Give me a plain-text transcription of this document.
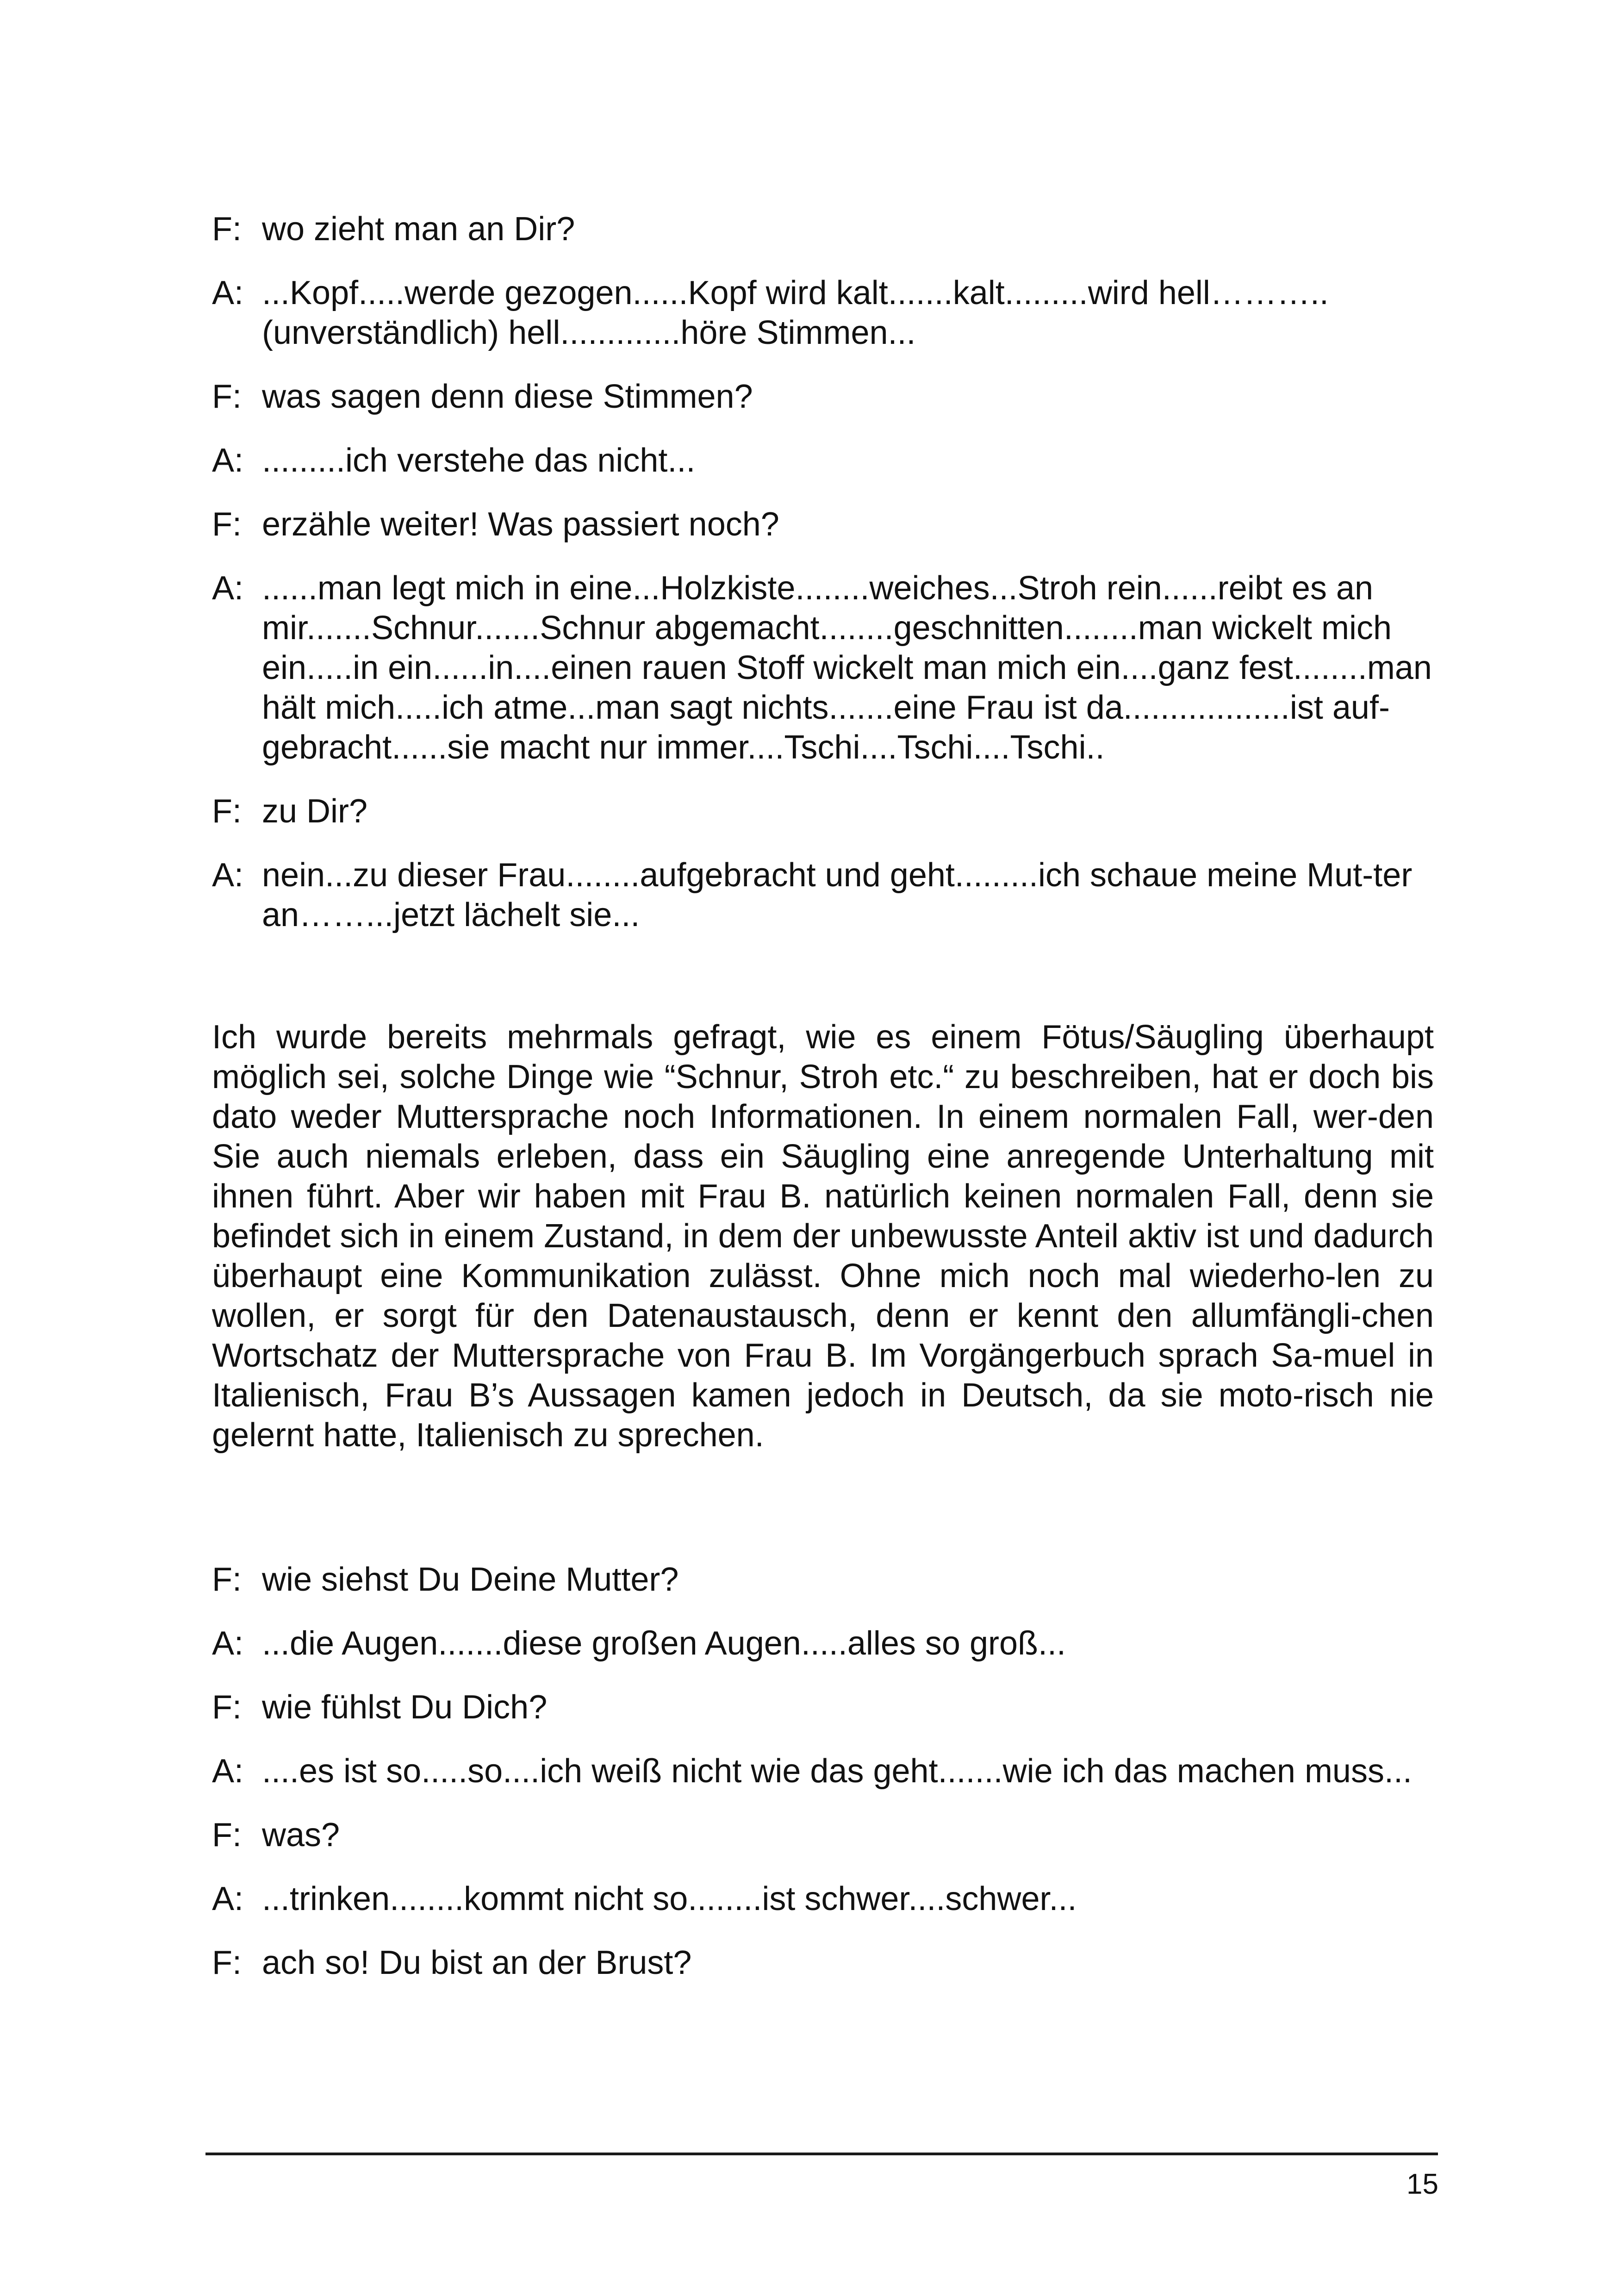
F: wo zieht man an Dir?
A: ...Kopf.....werde gezogen......Kopf wird kalt.......kalt.........wird hell………..(unverständlich) hell.............höre Stimmen...
F: was sagen denn diese Stimmen?
A: .........ich verstehe das nicht...
F: erzähle weiter! Was passiert noch?
A: ......man legt mich in eine...Holzkiste........weiches...Stroh rein......reibt es an mir.......Schnur.......Schnur abgemacht........geschnitten........man wickelt mich ein.....in ein......in....einen rauen Stoff wickelt man mich ein....ganz fest........man hält mich.....ich atme...man sagt nichts.......eine Frau ist da..................ist auf-gebracht......sie macht nur immer....Tschi....Tschi....Tschi..
F: zu Dir?
A: nein...zu dieser Frau........aufgebracht und geht.........ich schaue meine Mut-ter an……...jetzt lächelt sie...

Ich wurde bereits mehrmals gefragt, wie es einem Fötus/Säugling überhaupt möglich sei, solche Dinge wie “Schnur, Stroh etc.“ zu beschreiben, hat er doch bis dato weder Muttersprache noch Informationen. In einem normalen Fall, wer-den Sie auch niemals erleben, dass ein Säugling eine anregende Unterhaltung mit ihnen führt. Aber wir haben mit Frau B. natürlich keinen normalen Fall, denn sie befindet sich in einem Zustand, in dem der unbewusste Anteil aktiv ist und dadurch überhaupt eine Kommunikation zulässt. Ohne mich noch mal wiederho-len zu wollen, er sorgt für den Datenaustausch, denn er kennt den allumfängli-chen Wortschatz der Muttersprache von Frau B. Im Vorgängerbuch sprach Sa-muel in Italienisch, Frau B’s Aussagen kamen jedoch in Deutsch, da sie moto-risch nie gelernt hatte, Italienisch zu sprechen.

F: wie siehst Du Deine Mutter?
A: ...die Augen.......diese großen Augen.....alles so groß...
F: wie fühlst Du Dich?
A: ....es ist so.....so....ich weiß nicht wie das geht.......wie ich das machen muss...
F: was?
A: ...trinken........kommt nicht so........ist schwer....schwer...
F: ach so! Du bist an der Brust?
15
